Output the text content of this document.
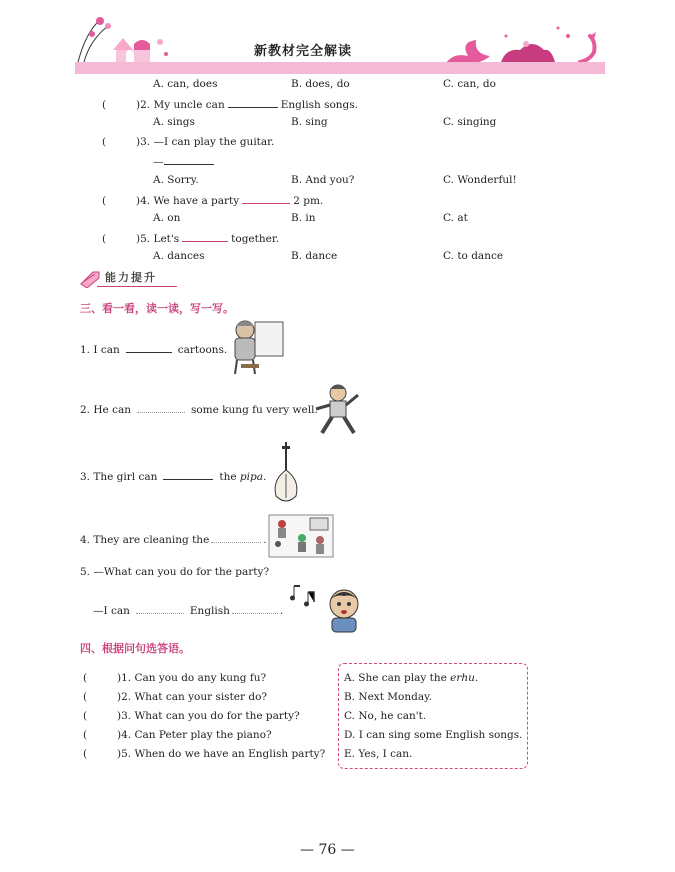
新教材完全解读
A. can, does	B. does, do	C. can, do
(	)2. My uncle can	English songs.
A. sings	B. sing	C. singing
(	)3. —I can play the guitar.
—
A. Sorry.	B. And you?	C. Wonderful!
(	)4. We have a party	2 pm.
A. on	B. in	C. at
(	)5. Let's	together.
A. dances	B. dance	C. to dance
能力提升
三、看一看，读一读，写一写。
1. I can	cartoons.
2. He can	some kung fu very well.
3. The girl can	the pipa.
4. They are cleaning the	.
5. —What can you do for the party?
—I can	English	.
四、根据问句选答语。
(	)1. Can you do any kung fu?
(	)2. What can your sister do?
(	)3. What can you do for the party?
(	)4. Can Peter play the piano?
(	)5. When do we have an English party?
A. She can play the erhu.
B. Next Monday.
C. No, he can't.
D. I can sing some English songs.
E. Yes, I can.
— 76 —
